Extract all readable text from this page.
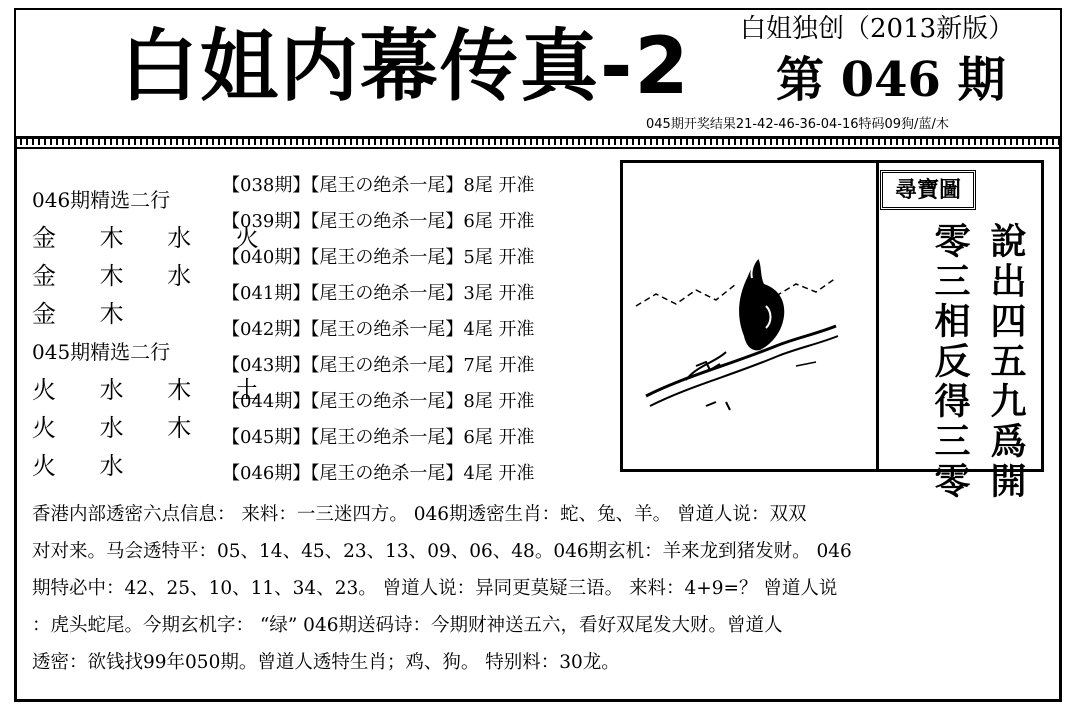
白姐内幕传真-2 白姐独创（2013新版）
第 046 期
045期开奖结果21-42-46-36-04-16特码09狗/蓝/木
046期精选二行
金 木 水 火
金 木 水
金 木
045期精选二行
火 水 木 土
火 水 木
火 水
【038期】【尾王の绝杀一尾】8尾 开准
【039期】【尾王の绝杀一尾】6尾 开准
【040期】【尾王の绝杀一尾】5尾 开准
【041期】【尾王の绝杀一尾】3尾 开准
【042期】【尾王の绝杀一尾】4尾 开准
【043期】【尾王の绝杀一尾】7尾 开准
【044期】【尾王の绝杀一尾】8尾 开准
【045期】【尾王の绝杀一尾】6尾 开准
【046期】【尾王の绝杀一尾】4尾 开准
尋寶圖
說出四五九爲開
零三相反得三零

香港内部透密六点信息： 来料：一三迷四方。 046期透密生肖：蛇、兔、羊。 曾道人说：双双

对对来。马会透特平：05、14、45、23、13、09、06、48。046期玄机：羊来龙到猪发财。 046

期特必中：42、25、10、11、34、23。 曾道人说：异同更莫疑三语。 来料：4+9=？ 曾道人说

：虎头蛇尾。今期玄机字： “绿” 046期送码诗：今期财神送五六，看好双尾发大财。曾道人

透密：欲钱找99年050期。曾道人透特生肖；鸡、狗。 特别料：30龙。
